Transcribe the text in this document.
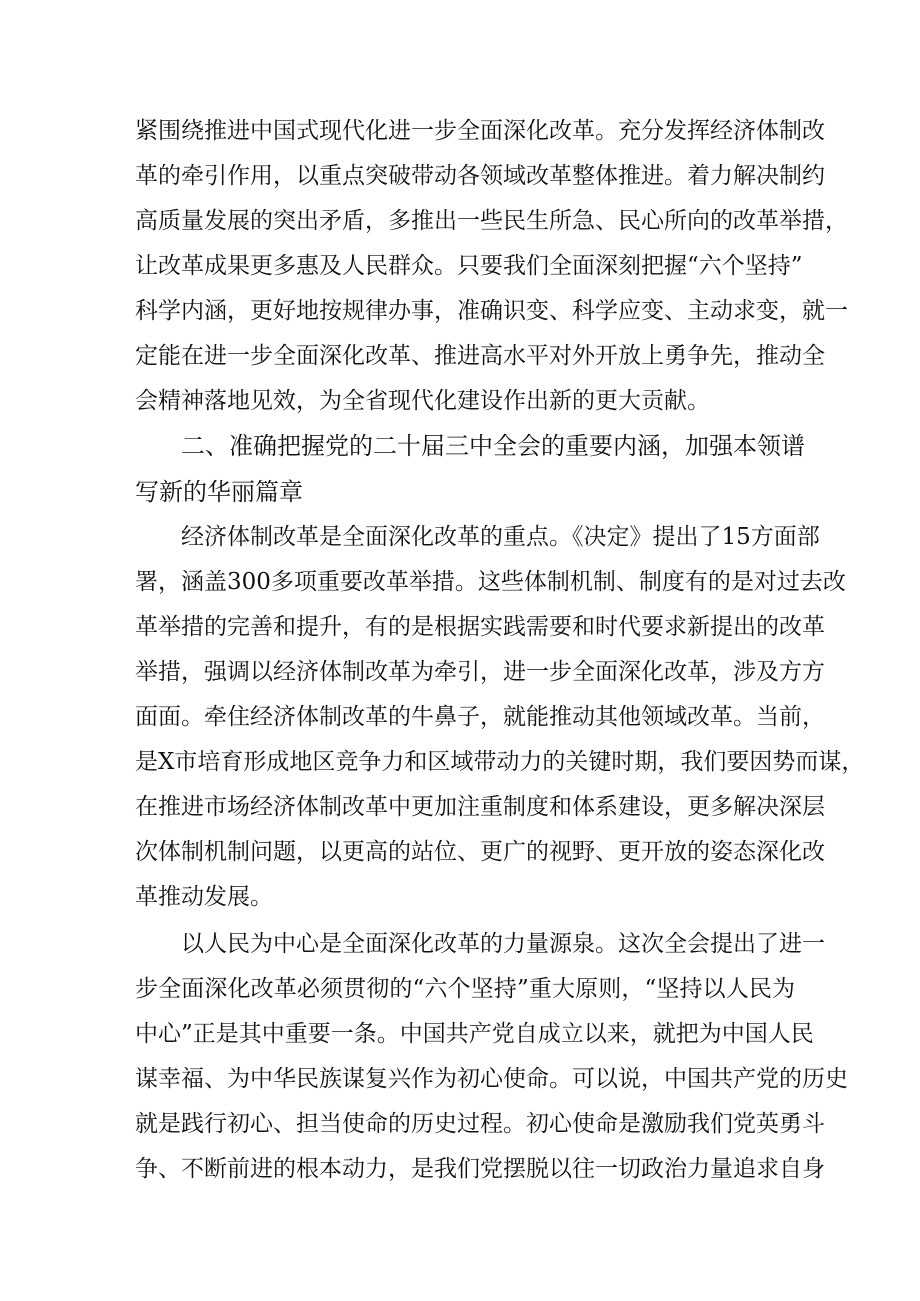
紧围绕推进中国式现代化进一步全面深化改革。充分发挥经济体制改
革的牵引作用，以重点突破带动各领域改革整体推进。着力解决制约
高质量发展的突出矛盾，多推出一些民生所急、民心所向的改革举措，
让改革成果更多惠及人民群众。只要我们全面深刻把握“六个坚持”
科学内涵，更好地按规律办事，准确识变、科学应变、主动求变，就一
定能在进一步全面深化改革、推进高水平对外开放上勇争先，推动全
会精神落地见效，为全省现代化建设作出新的更大贡献。
二、准确把握党的二十届三中全会的重要内涵，加强本领谱
写新的华丽篇章
经济体制改革是全面深化改革的重点。《决定》提出了15方面部
署，涵盖300多项重要改革举措。这些体制机制、制度有的是对过去改
革举措的完善和提升，有的是根据实践需要和时代要求新提出的改革
举措，强调以经济体制改革为牵引，进一步全面深化改革，涉及方方
面面。牵住经济体制改革的牛鼻子，就能推动其他领域改革。当前，
是X市培育形成地区竞争力和区域带动力的关键时期，我们要因势而谋，
在推进市场经济体制改革中更加注重制度和体系建设，更多解决深层
次体制机制问题，以更高的站位、更广的视野、更开放的姿态深化改
革推动发展。
以人民为中心是全面深化改革的力量源泉。这次全会提出了进一
步全面深化改革必须贯彻的“六个坚持”重大原则，“坚持以人民为
中心”正是其中重要一条。中国共产党自成立以来，就把为中国人民
谋幸福、为中华民族谋复兴作为初心使命。可以说，中国共产党的历史
就是践行初心、担当使命的历史过程。初心使命是激励我们党英勇斗
争、不断前进的根本动力，是我们党摆脱以往一切政治力量追求自身
